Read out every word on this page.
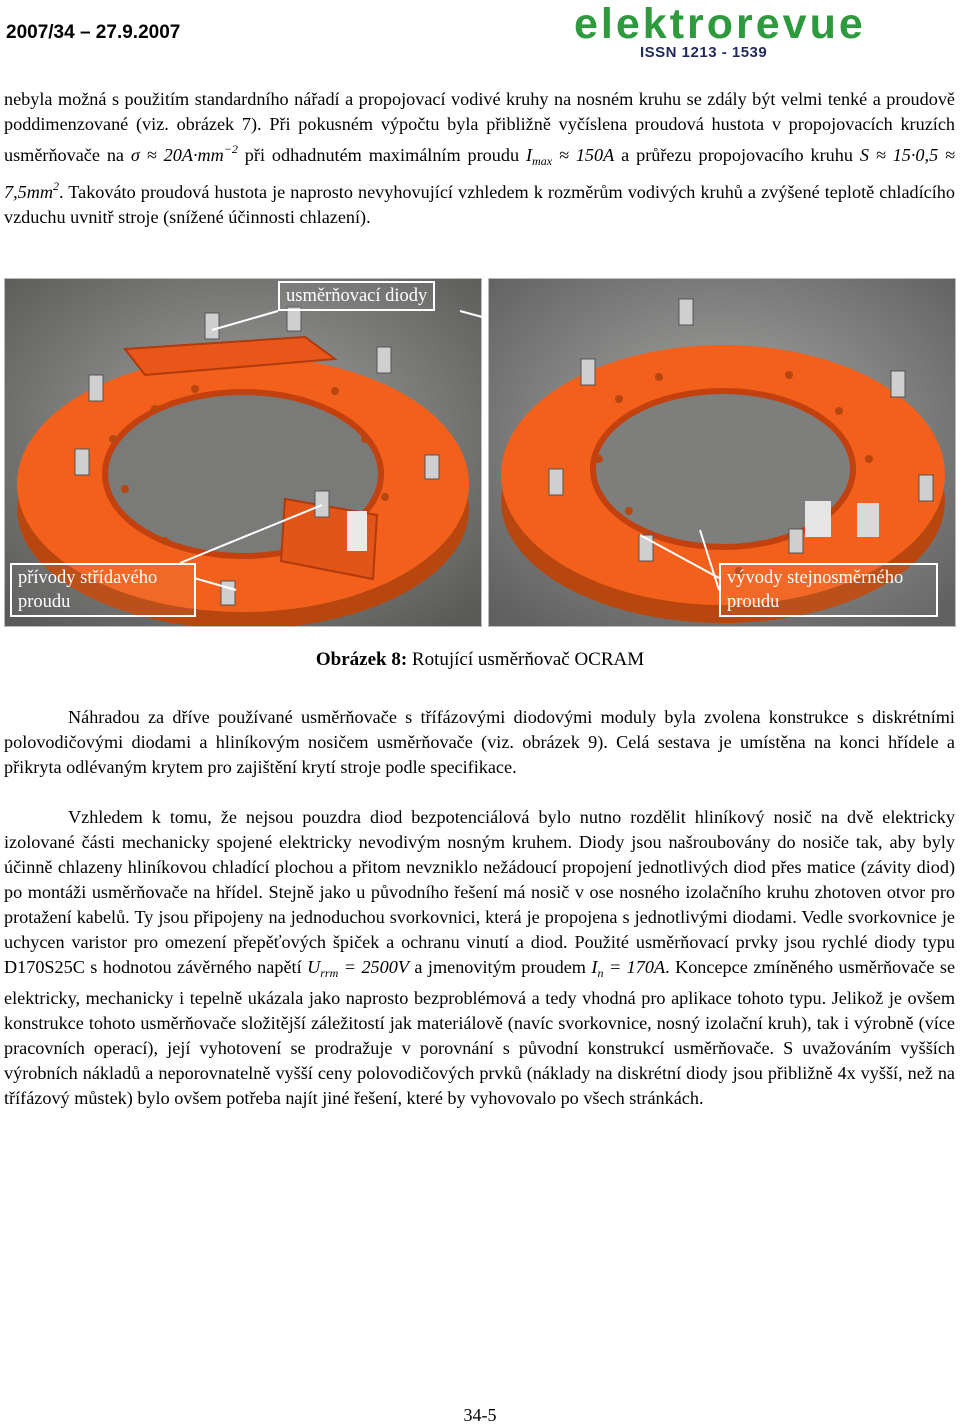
2007/34 – 27.9.2007	elektrorevue
ISSN 1213 - 1539
nebyla možná s použitím standardního nářadí a propojovací vodivé kruhy na nosném kruhu se zdály být velmi tenké a proudově poddimenzované (viz. obrázek 7). Při pokusném výpočtu byla přibližně vyčíslena proudová hustota v propojovacích kruzích usměrňovače na $\sigma \approx 20A\cdot mm^{-2}$ při odhadnutém maximálním proudu $I_{max} \approx 150A$ a průřezu propojovacího kruhu $S \approx 15\cdot 0,5 \approx 7,5mm^2$. Takováto proudová hustota je naprosto nevyhovující vzhledem k rozměrům vodivých kruhů a zvýšené teplotě chladícího vzduchu uvnitř stroje (snížené účinnosti chlazení).
usměrňovací diody
přívody střídavého proudu
vývody stejnosměrného proudu
Obrázek 8: Rotující usměrňovač OCRAM
Náhradou za dříve používané usměrňovače s třífázovými diodovými moduly byla zvolena konstrukce s diskrétními polovodičovými diodami a hliníkovým nosičem usměrňovače (viz. obrázek 9). Celá sestava je umístěna na konci hřídele a přikryta odlévaným krytem pro zajištění krytí stroje podle specifikace.
Vzhledem k tomu, že nejsou pouzdra diod bezpotenciálová bylo nutno rozdělit hliníkový nosič na dvě elektricky izolované části mechanicky spojené elektricky nevodivým nosným kruhem. Diody jsou našroubovány do nosiče tak, aby byly účinně chlazeny hliníkovou chladící plochou a přitom nevzniklo nežádoucí propojení jednotlivých diod přes matice (závity diod) po montáži usměrňovače na hřídel. Stejně jako u původního řešení má nosič v ose nosného izolačního kruhu zhotoven otvor pro protažení kabelů. Ty jsou připojeny na jednoduchou svorkovnici, která je propojena s jednotlivými diodami. Vedle svorkovnice je uchycen varistor pro omezení přepěťových špiček a ochranu vinutí a diod. Použité usměrňovací prvky jsou rychlé diody typu D170S25C s hodnotou závěrného napětí $U_{rrm} = 2500V$ a jmenovitým proudem $I_n = 170A$. Koncepce zmíněného usměrňovače se elektricky, mechanicky i tepelně ukázala jako naprosto bezproblémová a tedy vhodná pro aplikace tohoto typu. Jelikož je ovšem konstrukce tohoto usměrňovače složitější záležitostí jak materiálově (navíc svorkovnice, nosný izolační kruh), tak i výrobně (více pracovních operací), její vyhotovení se prodražuje v porovnání s původní konstrukcí usměrňovače. S uvažováním vyšších výrobních nákladů a neporovnatelně vyšší ceny polovodičových prvků (náklady na diskrétní diody jsou přibližně 4x vyšší, než na třífázový můstek) bylo ovšem potřeba najít jiné řešení, které by vyhovovalo po všech stránkách.
34-5
